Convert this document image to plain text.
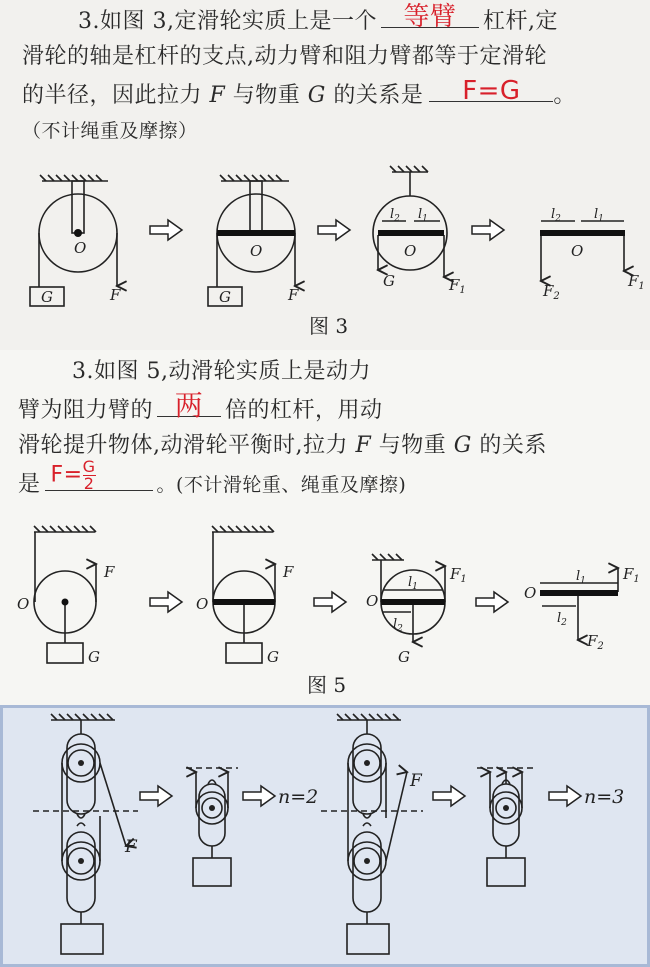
3.如图 3,定滑轮实质上是一个	等臂	杠杆,定
滑轮的轴是杠杆的支点,动力臂和阻力臂都等于定滑轮
的半径，因此拉力 F 与物重 G 的关系是	F=G	。
（不计绳重及摩擦）
O
G	F
O
G	F
$l_2$ $l_1$
O
G	$F_1$
$l_2$	$l_1$
O
$F_2$
$F_1$
图 3
3.如图 5,动滑轮实质上是动力
臂为阻力臂的 两 倍的杠杆，用动
滑轮提升物体,动滑轮平衡时,拉力 F 与物重 G 的关系
是 $F= \frac{G}{2}$	。(不计滑轮重、绳重及摩擦)
O
F
G
O
F
G
$l_1$
$l_2$
O
$F_1$
G
$l_1$
$l_2$
O
$F_1$
$F_2$
图 5
F
n=2
F
n=3
